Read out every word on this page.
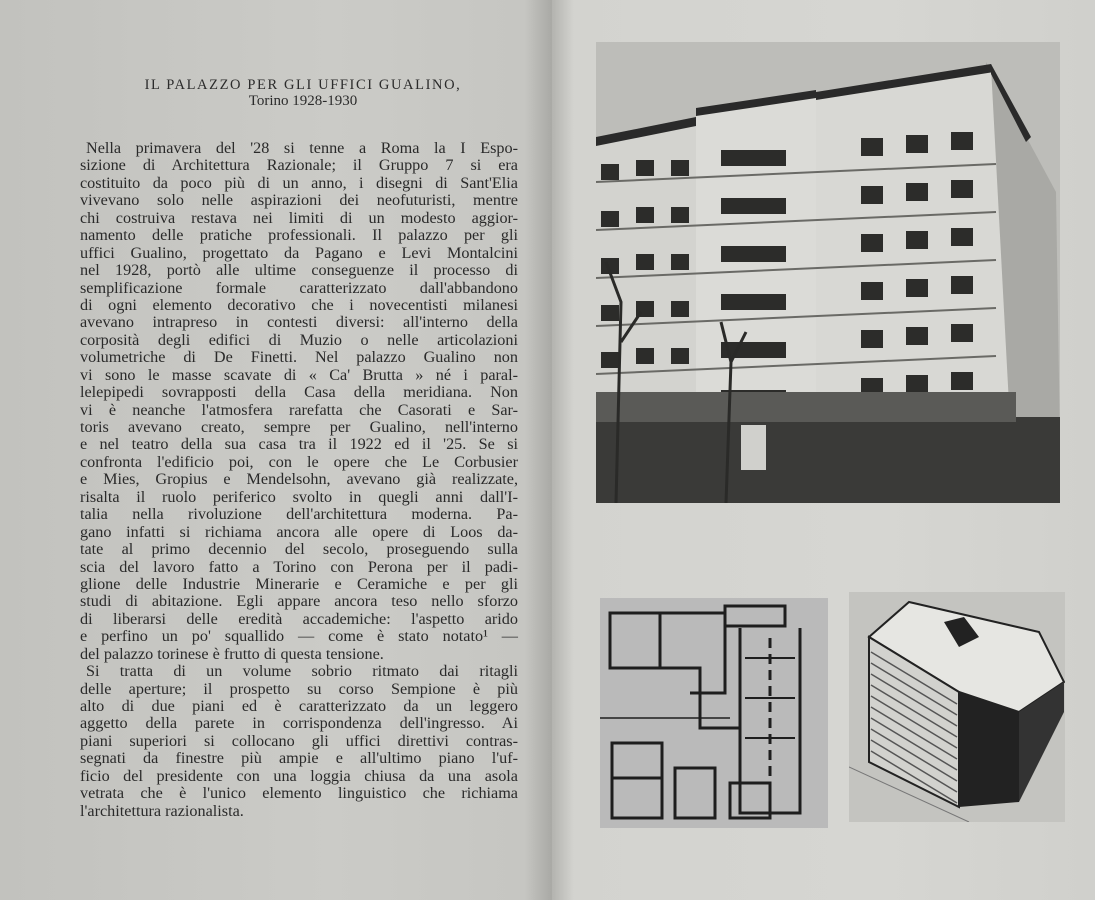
IL PALAZZO PER GLI UFFICI GUALINO,
Torino 1928-1930
Nella primavera del '28 si tenne a Roma la I Espo-
sizione di Architettura Razionale; il Gruppo 7 si era
costituito da poco più di un anno, i disegni di Sant'Elia
vivevano solo nelle aspirazioni dei neofuturisti, mentre
chi costruiva restava nei limiti di un modesto aggior-
namento delle pratiche professionali. Il palazzo per gli
uffici Gualino, progettato da Pagano e Levi Montalcini
nel 1928, portò alle ultime conseguenze il processo di
semplificazione formale caratterizzato dall'abbandono
di ogni elemento decorativo che i novecentisti milanesi
avevano intrapreso in contesti diversi: all'interno della
corposità degli edifici di Muzio o nelle articolazioni
volumetriche di De Finetti. Nel palazzo Gualino non
vi sono le masse scavate di « Ca' Brutta » né i paral-
lelepipedi sovrapposti della Casa della meridiana. Non
vi è neanche l'atmosfera rarefatta che Casorati e Sar-
toris avevano creato, sempre per Gualino, nell'interno
e nel teatro della sua casa tra il 1922 ed il '25. Se si
confronta l'edificio poi, con le opere che Le Corbusier
e Mies, Gropius e Mendelsohn, avevano già realizzate,
risalta il ruolo periferico svolto in quegli anni dall'I-
talia nella rivoluzione dell'architettura moderna. Pa-
gano infatti si richiama ancora alle opere di Loos da-
tate al primo decennio del secolo, proseguendo sulla
scia del lavoro fatto a Torino con Perona per il padi-
glione delle Industrie Minerarie e Ceramiche e per gli
studi di abitazione. Egli appare ancora teso nello sforzo
di liberarsi delle eredità accademiche: l'aspetto arido
e perfino un po' squallido — come è stato notato¹ —
del palazzo torinese è frutto di questa tensione.
Si tratta di un volume sobrio ritmato dai ritagli
delle aperture; il prospetto su corso Sempione è più
alto di due piani ed è caratterizzato da un leggero
aggetto della parete in corrispondenza dell'ingresso. Ai
piani superiori si collocano gli uffici direttivi contras-
segnati da finestre più ampie e all'ultimo piano l'uf-
ficio del presidente con una loggia chiusa da una asola
vetrata che è l'unico elemento linguistico che richiama
l'architettura razionalista.
